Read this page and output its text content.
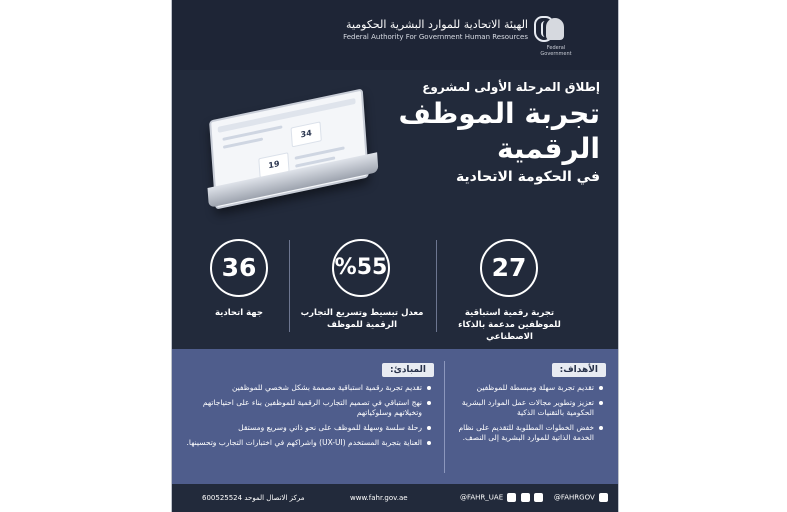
الهيئة الاتحادية للموارد البشرية الحكومية
Federal Authority For Government Human Resources
Federal Government
34
19
إطلاق المرحلة الأولى لمشروع
تجربة الموظف
الرقمية
في الحكومة الاتحادية
27
تجربة رقمية استباقية للموظفين مدعمة بالذكاء الاصطناعي
%55
معدل تبسيط وتسريع التجارب الرقمية للموظف
36
جهة اتحادية
الأهداف:
تقديم تجربة سهلة ومبسطة للموظفين
تعزيز وتطوير مجالات عمل الموارد البشرية الحكومية بالتقنيات الذكية
خفض الخطوات المطلوبة للتقديم على نظام الخدمة الذاتية للموارد البشرية إلى النصف.
المبادئ:
تقديم تجربة رقمية استباقية مصممة بشكل شخصي للموظفين
نهج استباقي في تصميم التجارب الرقمية للموظفين بناء على احتياجاتهم وتخيلاتهم وسلوكياتهم
رحلة سلسة وسهلة للموظف على نحو ذاتي وسريع ومستقل
العناية بتجربة المستخدم (UX-UI) واشراكهم في اختبارات التجارب وتحسينها.
@FAHRGOV
@FAHR_UAE
www.fahr.gov.ae
مركز الاتصال الموحد 600525524
